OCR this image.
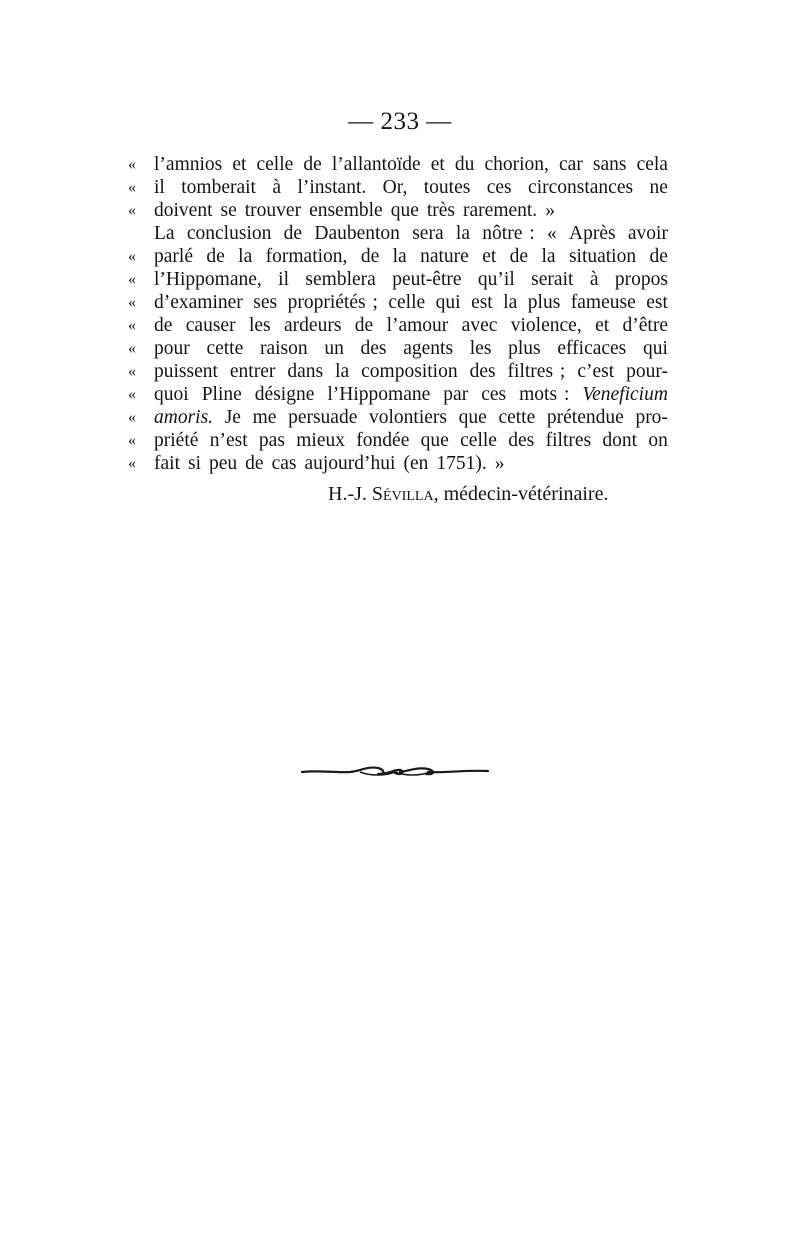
— 233 —
« l’amnios et celle de l’allantoïde et du chorion, car sans cela
« il tomberait à l’instant. Or, toutes ces circonstances ne
« doivent se trouver ensemble que très rarement. »
La conclusion de Daubenton sera la nôtre : « Après avoir
« parlé de la formation, de la nature et de la situation de
« l’Hippomane, il semblera peut-être qu’il serait à propos
« d’examiner ses propriétés ; celle qui est la plus fameuse est
« de causer les ardeurs de l’amour avec violence, et d’être
« pour cette raison un des agents les plus efficaces qui
« puissent entrer dans la composition des filtres ; c’est pour-
« quoi Pline désigne l’Hippomane par ces mots : Veneficium
« amoris. Je me persuade volontiers que cette prétendue pro-
« priété n’est pas mieux fondée que celle des filtres dont on
« fait si peu de cas aujourd’hui (en 1751). »
H.-J. Sévilla, médecin-vétérinaire.
